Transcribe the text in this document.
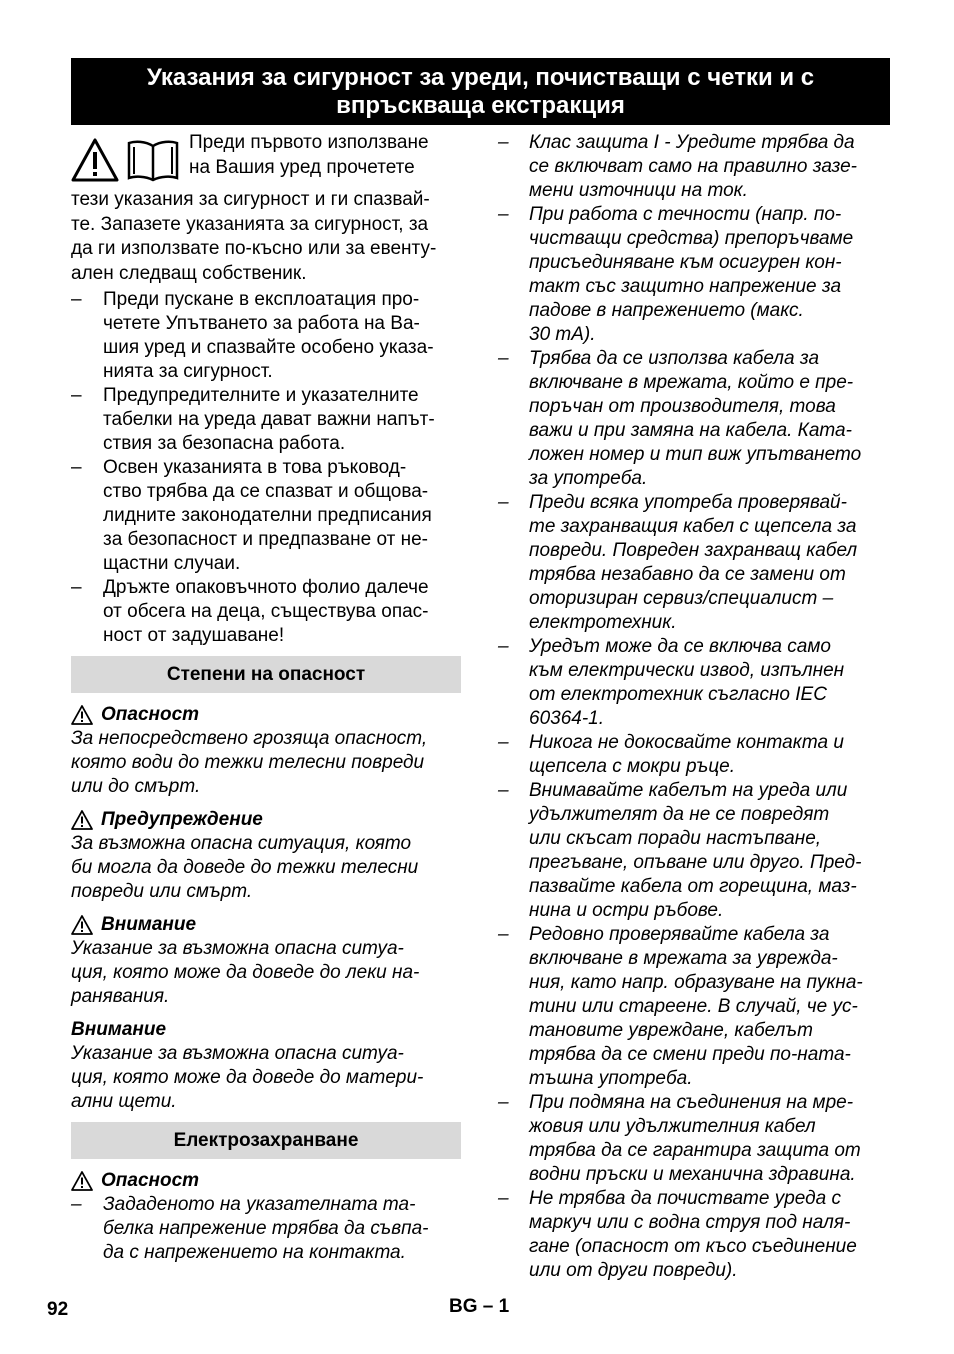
Указания за сигурност за уреди, почистващи с четки и с впръскваща екстракция
Преди първото използване
на Вашия уред прочетете
тези указания за сигурност и ги спазвай-
те. Запазете указанията за сигурност, за
да ги използвате по-късно или за евенту-
ален следващ собственик.
–	Преди пускане в експлоатация про-
четете Упътването за работа на Ва-
шия уред и спазвайте особено указа-
нията за сигурност.
–	Предупредителните и указателните
табелки на уреда дават важни напът-
ствия за безопасна работа.
–	Освен указанията в това ръковод-
ство трябва да се спазват и общова-
лидните законодателни предписания
за безопасност и предпазване от не-
щастни случаи.
–	Дръжте опаковъчното фолио далече
от обсега на деца, съществува опас-
ност от задушаване!
Степени на опасност
Опасност
За непосредствено грозяща опасност,
която води до тежки телесни повреди
или до смърт.
Предупреждение
За възможна опасна ситуация, която
би могла да доведе до тежки телесни
повреди или смърт.
Внимание
Указание за възможна опасна ситуа-
ция, която може да доведе до леки на-
ранявания.
Внимание
Указание за възможна опасна ситуа-
ция, която може да доведе до матери-
ални щети.
Електрозахранване
Опасност
–	Зададеното на указателната та-
белка напрежение трябва да съвпа-
да с напрежението на контакта.
–	Клас защита I - Уредите трябва да
се включват само на правилно зазе-
мени източници на ток.
–	При работа с течности (напр. по-
чистващи средства) препоръчваме
присъединяване към осигурен кон-
такт със защитно напрежение за
падове в напрежението (макс.
30 mA).
–	Трябва да се използва кабела за
включване в мрежата, който е пре-
поръчан от производителя, това
важи и при замяна на кабела. Ката-
ложен номер и тип виж упътването
за употреба.
–	Преди всяка употреба проверявай-
те захранващия кабел с щепсела за
повреди. Повреден захранващ кабел
трябва незабавно да се замени от
оторизиран сервиз/специалист –
електротехник.
–	Уредът може да се включва само
към електрически извод, изпълнен
от електротехник съгласно IEC
60364-1.
–	Никога не докосвайте контакта и
щепсела с мокри ръце.
–	Внимавайте кабелът на уреда или
удължителят да не се повредят
или скъсат поради настъпване,
прегъване, опъване или друго. Пред-
пазвайте кабела от горещина, маз-
нина и остри ръбове.
–	Редовно проверявайте кабела за
включване в мрежата за увреждa-
ния, като напр. образуване на пукна-
тини или стареене. В случай, че ус-
тановите увреждане, кабелът
трябва да се смени преди по-ната-
тъшна употреба.
–	При подмяна на съединения на мре-
жовия или удължителния кабел
трябва да се гарантира защита от
водни пръски и механична здравина.
–	Не трябва да почиствате уреда с
маркуч или с водна струя под наля-
гане (опасност от късо съединение
или от други повреди).
92	BG – 1
